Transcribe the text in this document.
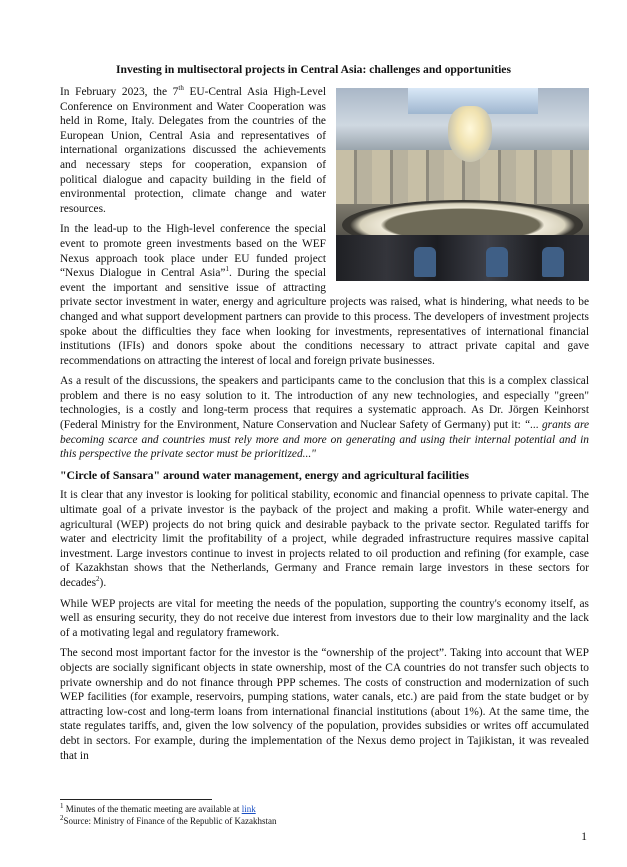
Investing in multisectoral projects in Central Asia: challenges and opportunities

In February 2023, the 7th EU-Central Asia High-Level Conference on Environment and Water Cooperation was held in Rome, Italy. Delegates from the countries of the European Union, Central Asia and representatives of international organizations discussed the achievements and necessary steps for cooperation, expansion of political dialogue and capacity building in the field of environmental protection, climate change and water resources.

In the lead-up to the High-level conference the special event to promote green investments based on the WEF Nexus approach took place under EU funded project “Nexus Dialogue in Central Asia”$^1$. During the special event the important and sensitive issue of attracting private sector investment in water, energy and agriculture projects was raised, what is hindering, what needs to be changed and what support development partners can provide to this process. The developers of investment projects spoke about the difficulties they face when looking for investments, representatives of international financial institutions (IFIs) and donors spoke about the conditions necessary to attract private capital and gave recommendations on attracting the interest of local and foreign private businesses.

As a result of the discussions, the speakers and participants came to the conclusion that this is a complex classical problem and there is no easy solution to it. The introduction of any new technologies, and especially "green" technologies, is a costly and long-term process that requires a systematic approach. As Dr. Jörgen Keinhorst (Federal Ministry for the Environment, Nature Conservation and Nuclear Safety of Germany) put it: “... grants are becoming scarce and countries must rely more and more on generating and using their internal potential and in this perspective the private sector must be prioritized..."

"Circle of Sansara" around water management, energy and agricultural facilities

It is clear that any investor is looking for political stability, economic and financial openness to private capital. The ultimate goal of a private investor is the payback of the project and making a profit. While water-energy and agricultural (WEP) projects do not bring quick and desirable payback to the private sector. Regulated tariffs for water and electricity limit the profitability of a project, while degraded infrastructure requires massive capital investment. Large investors continue to invest in projects related to oil production and refining (for example, case of Kazakhstan shows that the Netherlands, Germany and France remain large investors in these sectors for decades$^2$).

While WEP projects are vital for meeting the needs of the population, supporting the country's economy itself, as well as ensuring security, they do not receive due interest from investors due to their low marginality and the lack of a motivating legal and regulatory framework.

The second most important factor for the investor is the “ownership of the project”. Taking into account that WEP objects are socially significant objects in state ownership, most of the CA countries do not transfer such objects to private ownership and do not finance through PPP schemes. The costs of construction and modernization of such WEP facilities (for example, reservoirs, pumping stations, water canals, etc.) are paid from the state budget or by attracting low-cost and long-term loans from international financial institutions (about 1%). At the same time, the state regulates tariffs, and, given the low solvency of the population, provides subsidies or writes off accumulated debt in sectors. For example, during the implementation of the Nexus demo project in Tajikistan, it was revealed that in

$^1$ Minutes of the thematic meeting are available at link
$^2$Source: Ministry of Finance of the Republic of Kazakhstan
1
